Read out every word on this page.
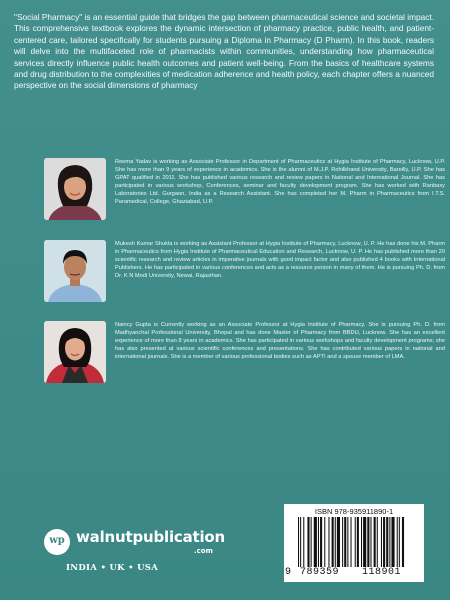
"Social Pharmacy" is an essential guide that bridges the gap between pharmaceutical science and societal impact. This comprehensive textbook explores the dynamic intersection of pharmacy practice, public health, and patient-centered care, tailored specifically for students pursuing a Diploma in Pharmacy (D Pharm). In this book, readers will delve into the multifaceted role of pharmacists within communities, understanding how pharmaceutical services directly influence public health outcomes and patient well-being. From the basics of healthcare systems and drug distribution to the complexities of medication adherence and health policy, each chapter offers a nuanced perspective on the social dimensions of pharmacy
Reema Yadav is working as Associate Professor in Department of Pharmaceutics at Hygia Institute of Pharmacy, Lucknow, U.P. She has more than 9 years of experience in academics. She is the alumni of M.J.P. Rohilkhand University, Bareilly, U.P. She has GPAT qualified in 2011. She has published various research and review papers in National and International Journal. She has participated in various workshop, Conferences, seminar and faculty development program. She has worked with Ranbaxy Laboratories Ltd. Gurgaon, India as a Research Assistant. She has completed her M. Pharm in Pharmaceutics from I.T.S. Paramedical, College, Ghaziabad, U.P.
Mukesh Kumar Shukla is working as Assistant Professor at Hygia Institute of Pharmacy, Lucknow, U. P. He has done his M. Pharm in Pharmaceutics from Hygia Institute of Pharmaceutical Education and Research, Lucknow, U. P. He has published more than 20 scientific research and review articles in imperative journals with good impact factor and also published 4 books with International Publishers. He has participated in various conferences and acts as a resource person in many of them. He is pursuing Ph. D. from Dr. K N Modi University, Newai, Rajasthan.
Naincy Gupta is Currently working as an Associate Professor at Hygia Institute of Pharmacy. She is pursuing Ph. D. from Madhyanchal Professional University, Bhopal and has done Master of Pharmacy from BBDU, Lucknow. She has an excellent experience of more than 8 years in academics. She has participated in various workshops and faculty development programs; she has also presented at various scientific conferences and presentations. She has contributed various papers in national and international journals. She is a member of various professional bodies such as APTI and a spouse member of LMA.
wp walnutpublication
.com
INDIA • UK • USA
ISBN 978-935911890-1
9 789359 118901
